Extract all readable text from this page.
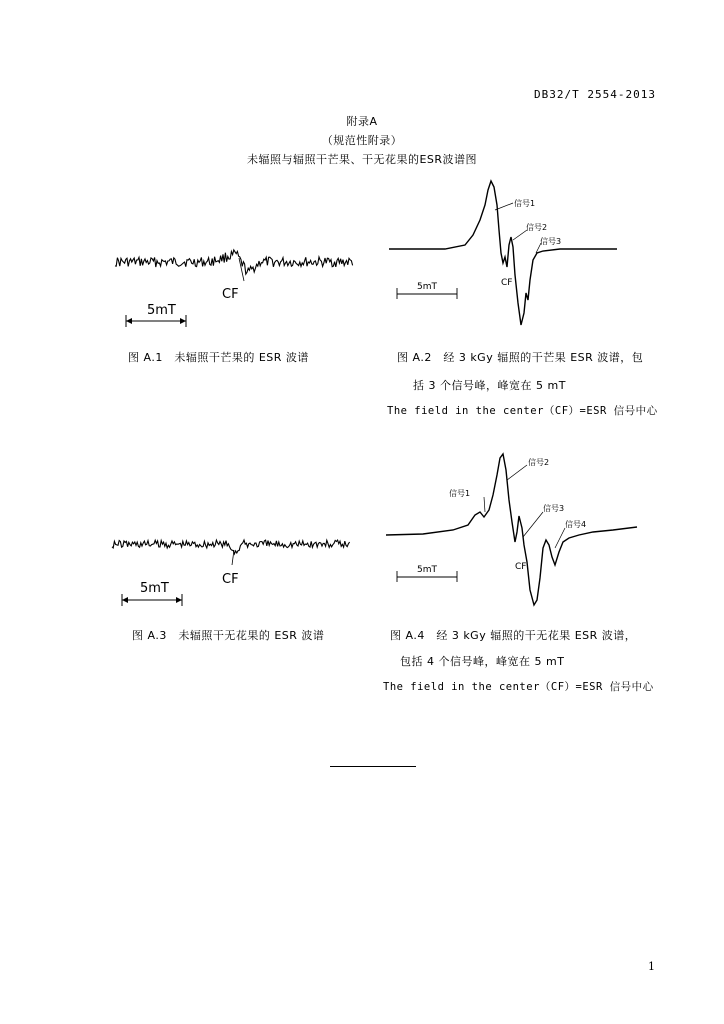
DB32/T 2554-2013
附录A
（规范性附录）
未辐照与辐照干芒果、干无花果的ESR波谱图
CF
5mT
图 A.1　未辐照干芒果的 ESR 波谱
信号1
信号2
信号3
CF
5mT
图 A.2　经 3 kGy 辐照的干芒果 ESR 波谱，包
括 3 个信号峰，峰宽在 5 mT
The field in the center（CF）=ESR 信号中心
CF
5mT
图 A.3　未辐照干无花果的 ESR 波谱
信号1
信号2
信号3
信号4
CF
5mT
图 A.4　经 3 kGy 辐照的干无花果 ESR 波谱，
包括 4 个信号峰，峰宽在 5 mT
The field in the center（CF）=ESR 信号中心
1
